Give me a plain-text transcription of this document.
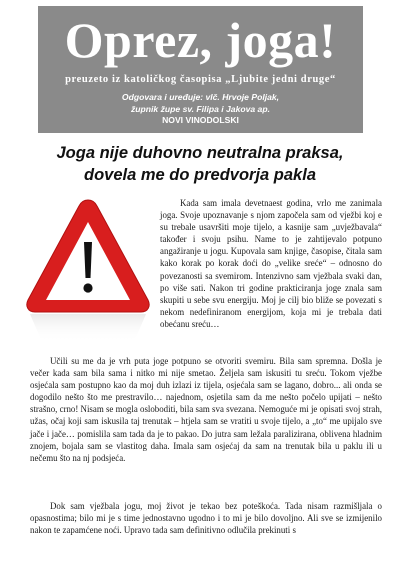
Oprez, joga!
preuzeto iz katoličkog časopisa „Ljubite jedni druge“
Odgovara i uređuje: vlč. Hrvoje Poljak,
župnik župe sv. Filipa i Jakova ap.
NOVI VINODOLSKI
Joga nije duhovno neutralna praksa,
dovela me do predvorja pakla

Kada sam imala devetnaest godina, vrlo me zanimala joga. Svoje upoznavanje s njom započela sam od vježbi koj e su trebale usavršiti moje tijelo, a kasnije sam „uvježbavala“ također i svoju psihu. Name to je zahtijevalo potpuno angažiranje u jogu. Kupovala sam knjige, časopise, čitala sam kako korak po korak doći do „velike sreće“ – odnosno do povezanosti sa svemirom. Intenzivno sam vježbala svaki dan, po više sati. Nakon tri godine prakticiranja joge znala sam skupiti u sebe svu energiju. Moj je cilj bio bliže se povezati s nekom nedefiniranom energijom, koja mi je trebala dati obećanu sreću…

Učili su me da je vrh puta joge potpuno se otvoriti svemiru. Bila sam spremna. Došla je večer kada sam bila sama i nitko mi nije smetao. Željela sam iskusiti tu sreću. Tokom vježbe osjećala sam postupno kao da moj duh izlazi iz tijela, osjećala sam se lagano, dobro... ali onda se dogodilo nešto što me prestravilo… najednom, osjetila sam da me nešto počelo upijati – nešto strašno, crno! Nisam se mogla osloboditi, bila sam sva svezana. Nemoguće mi je opisati svoj strah, užas, očaj koji sam iskusila taj trenutak – htjela sam se vratiti u svoje tijelo, a „to“ me upijalo sve jače i jače… pomislila sam tada da je to pakao. Do jutra sam ležala paralizirana, oblivena hladnim znojem, bojala sam se vlastitog daha. Imala sam osjećaj da sam na trenutak bila u paklu ili u nečemu što na nj podsjeća.

Dok sam vježbala jogu, moj život je tekao bez poteškoća. Tada nisam razmišljala o opasnostima; bilo mi je s time jednostavno ugodno i to mi je bilo dovoljno. Ali sve se izmijenilo nakon te zapamćene noći. Upravo tada sam definitivno odlučila prekinuti s
